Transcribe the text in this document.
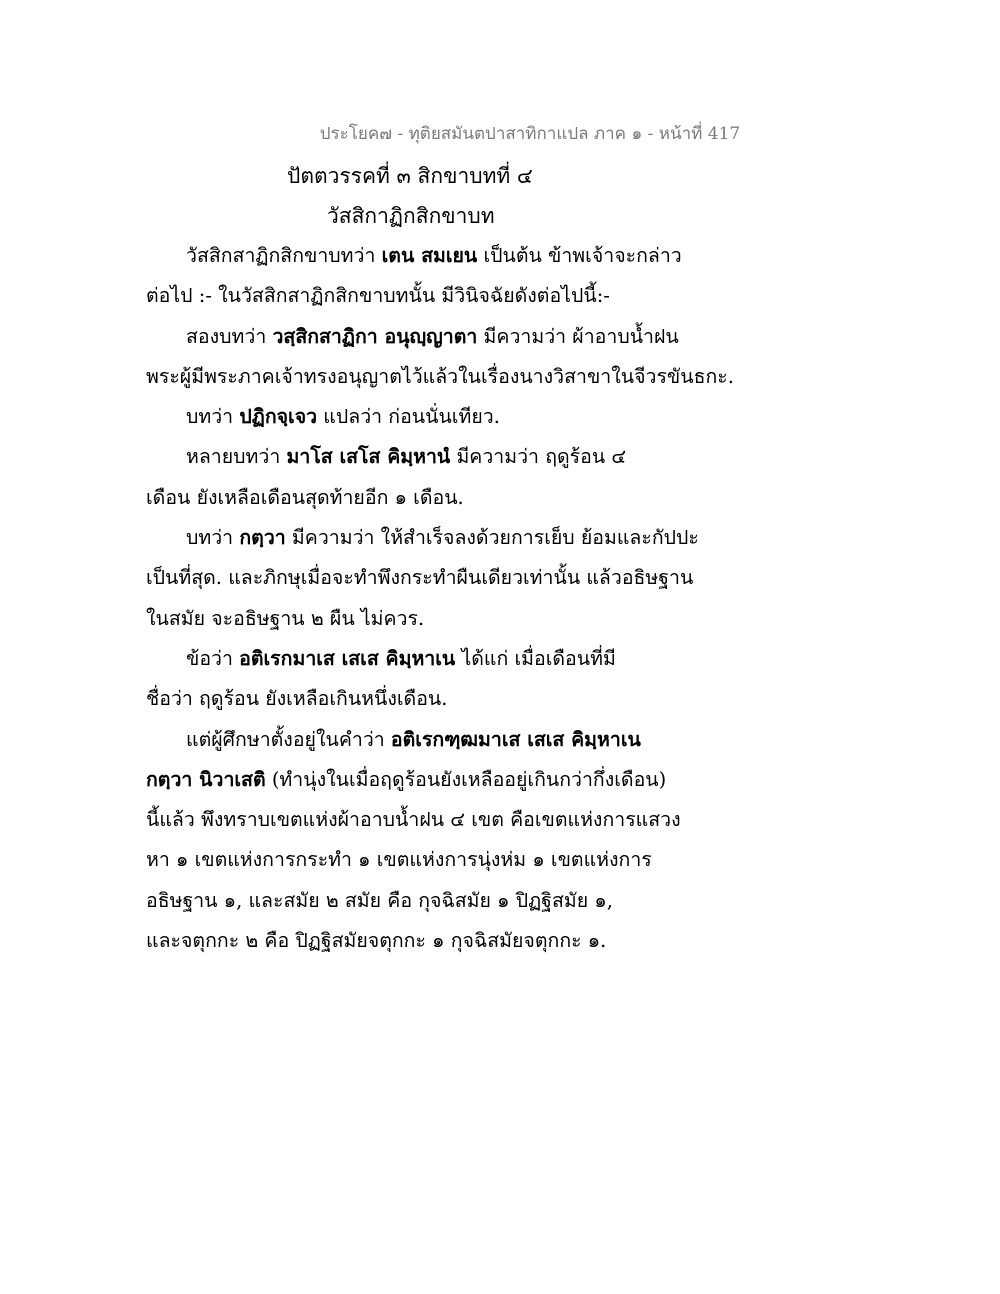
ประโยค๗ - ทุติยสมันตปาสาทิกาแปล ภาค ๑ - หน้าที่ 417
ปัตตวรรคที่ ๓ สิกขาบทที่ ๔
วัสสิกาฏิกสิกขาบท
วัสสิกสาฏิกสิกขาบทว่า เตน สมเยน เป็นต้น ข้าพเจ้าจะกล่าว
ต่อไป :- ในวัสสิกสาฏิกสิกขาบทนั้น มีวินิจฉัยดังต่อไปนี้:-
สองบทว่า วสฺสิกสาฏิกา อนุญฺญาตา มีความว่า ผ้าอาบน้ำฝน
พระผู้มีพระภาคเจ้าทรงอนุญาตไว้แล้วในเรื่องนางวิสาขาในจีวรขันธกะ.
บทว่า ปฏิกจฺเจว แปลว่า ก่อนนั่นเทียว.
หลายบทว่า มาโส เสโส คิมฺหานํ มีความว่า ฤดูร้อน ๔
เดือน ยังเหลือเดือนสุดท้ายอีก ๑ เดือน.
บทว่า กตฺวา มีความว่า ให้สำเร็จลงด้วยการเย็บ ย้อมและกัปปะ
เป็นที่สุด. และภิกษุเมื่อจะทำพึงกระทำผืนเดียวเท่านั้น แล้วอธิษฐาน
ในสมัย จะอธิษฐาน ๒ ผืน ไม่ควร.
ข้อว่า อติเรกมาเส เสเส คิมฺหาเน ได้แก่ เมื่อเดือนที่มี
ชื่อว่า ฤดูร้อน ยังเหลือเกินหนึ่งเดือน.
แต่ผู้ศึกษาตั้งอยู่ในคำว่า อติเรกฑฺฒมาเส เสเส คิมฺหาเน
กตฺวา นิวาเสติ (ทำนุ่งในเมื่อฤดูร้อนยังเหลืออยู่เกินกว่ากึ่งเดือน)
นี้แล้ว พึงทราบเขตแห่งผ้าอาบน้ำฝน ๔ เขต คือเขตแห่งการแสวง
หา ๑ เขตแห่งการกระทำ ๑ เขตแห่งการนุ่งห่ม ๑ เขตแห่งการ
อธิษฐาน ๑, และสมัย ๒ สมัย คือ กุจฉิสมัย ๑ ปิฏฐิสมัย ๑,
และจตุกกะ ๒ คือ ปิฏฐิสมัยจตุกกะ ๑ กุจฉิสมัยจตุกกะ ๑.
